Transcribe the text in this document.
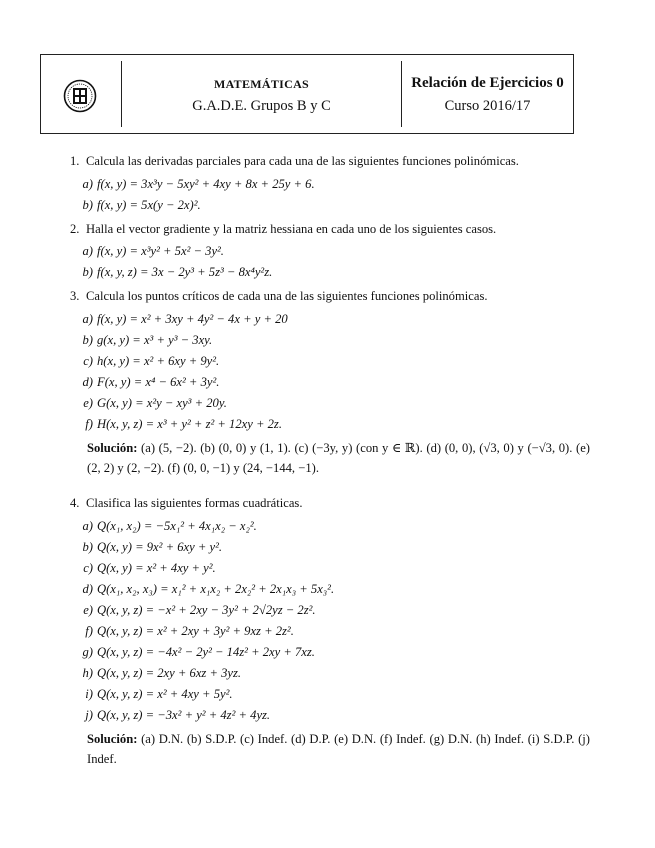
MATEMÁTICAS
G.A.D.E. Grupos B y C
Relación de Ejercicios 0
Curso 2016/17
1. Calcula las derivadas parciales para cada una de las siguientes funciones polinómicas.
a) f(x, y) = 3x³y − 5xy² + 4xy + 8x + 25y + 6.
b) f(x, y) = 5x(y − 2x)².
2. Halla el vector gradiente y la matriz hessiana en cada uno de los siguientes casos.
a) f(x, y) = x³y² + 5x² − 3y².
b) f(x, y, z) = 3x − 2y³ + 5z³ − 8x⁴y²z.
3. Calcula los puntos críticos de cada una de las siguientes funciones polinómicas.
a) f(x, y) = x² + 3xy + 4y² − 4x + y + 20
b) g(x, y) = x³ + y³ − 3xy.
c) h(x, y) = x² + 6xy + 9y².
d) F(x, y) = x⁴ − 6x² + 3y².
e) G(x, y) = x²y − xy³ + 20y.
f) H(x, y, z) = x³ + y² + z² + 12xy + 2z.
Solución: (a) (5, −2). (b) (0, 0) y (1, 1). (c) (−3y, y) (con y ∈ ℝ). (d) (0, 0), (√3, 0) y (−√3, 0). (e) (2, 2) y (2, −2). (f) (0, 0, −1) y (24, −144, −1).
4. Clasifica las siguientes formas cuadráticas.
a) Q(x₁, x₂) = −5x₁² + 4x₁x₂ − x₂².
b) Q(x, y) = 9x² + 6xy + y².
c) Q(x, y) = x² + 4xy + y².
d) Q(x₁, x₂, x₃) = x₁² + x₁x₂ + 2x₂² + 2x₁x₃ + 5x₃².
e) Q(x, y, z) = −x² + 2xy − 3y² + 2√2yz − 2z².
f) Q(x, y, z) = x² + 2xy + 3y² + 9xz + 2z².
g) Q(x, y, z) = −4x² − 2y² − 14z² + 2xy + 7xz.
h) Q(x, y, z) = 2xy + 6xz + 3yz.
i) Q(x, y, z) = x² + 4xy + 5y².
j) Q(x, y, z) = −3x² + y² + 4z² + 4yz.
Solución: (a) D.N. (b) S.D.P. (c) Indef. (d) D.P. (e) D.N. (f) Indef. (g) D.N. (h) Indef. (i) S.D.P. (j) Indef.
